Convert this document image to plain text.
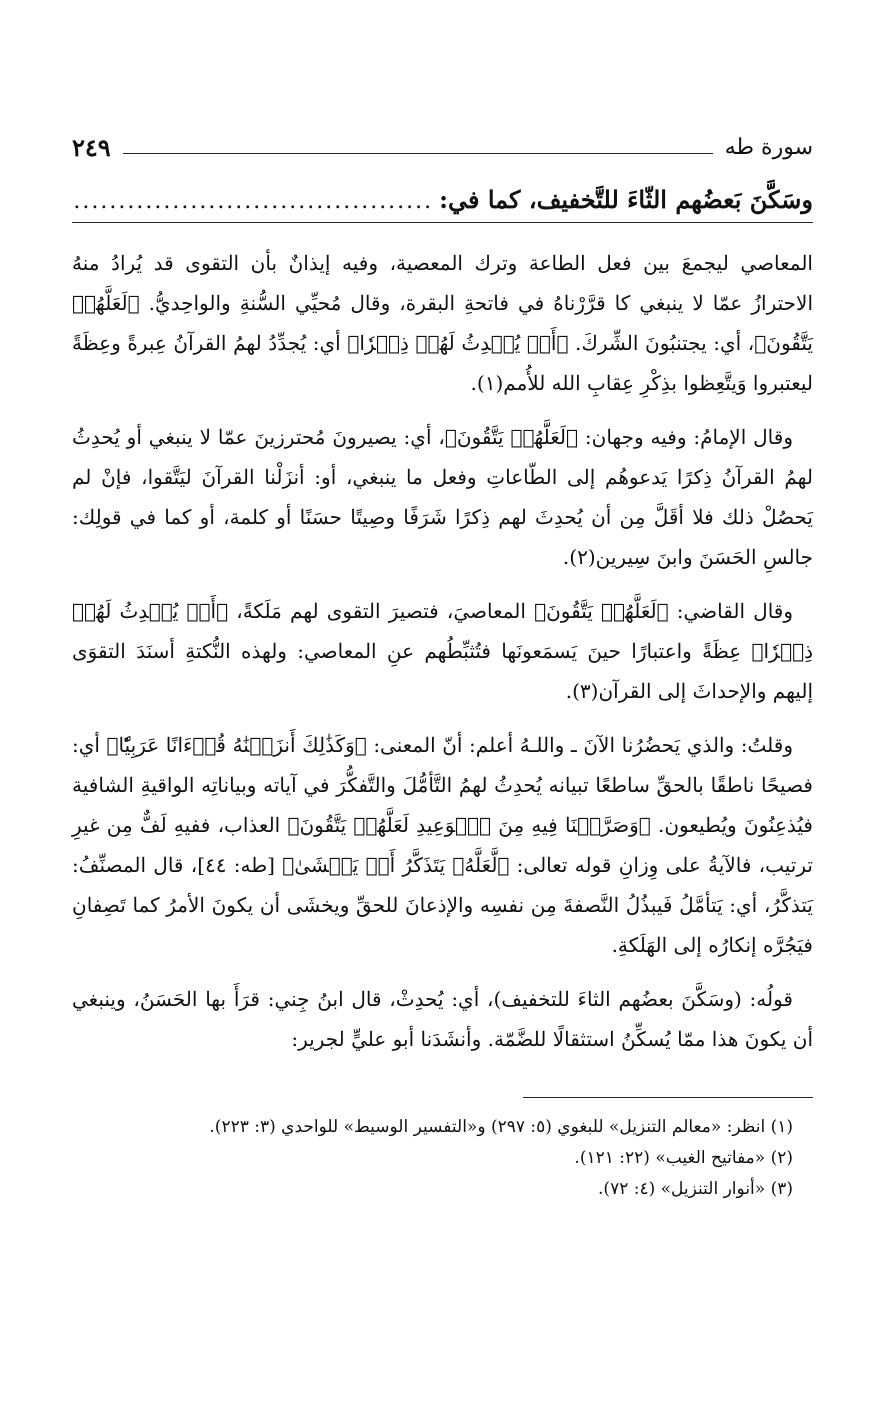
سورة طه
٢٤٩
وسَكَّنَ بَعضُهم الثّاءَ للتَّخفيف، كما في:
........................................

المعاصي ليجمعَ بين فعل الطاعة وترك المعصية، وفيه إيذانٌ بأن التقوى قد يُرادُ منهُ الاحترازُ عمّا لا ينبغي كا قرَّرْناهُ في فاتحةِ البقرة، وقال مُحيِّي السُّنةِ والواحِديُّ. ﴿لَعَلَّهُمۡ يَتَّقُونَ﴾، أي: يجتنبُونَ الشِّركَ. ﴿أَوۡ يُحۡدِثُ لَهُمۡ ذِكۡرٗا﴾ أي: يُجدِّدُ لهمُ القرآنُ عِبرةً وعِظَةً ليعتبروا وَيتَّعِظوا بذِكْرِ عِقابِ الله للأُمم(١).

وقال الإمامُ: وفيه وجهان: ﴿لَعَلَّهُمۡ يَتَّقُونَ﴾، أي: يصيرونَ مُحترزينَ عمّا لا ينبغي أو يُحدِثُ لهمُ القرآنُ ذِكرًا يَدعوهُم إلى الطّاعاتِ وفعل ما ينبغي، أو: أنزَلْنا القرآنَ ليَتَّقوا، فإنْ لم يَحصُلْ ذلك فلا أقَلَّ مِن أن يُحدِثَ لهم ذِكرًا شَرَفًا وصِيتًا حسَنًا أو كلمة، أو كما في قولِك: جالسِ الحَسَنَ وابنَ سِيرين(٢).

وقال القاضي: ﴿لَعَلَّهُمۡ يَتَّقُونَ﴾ المعاصيَ، فتصيرَ التقوى لهم مَلَكةً، ﴿أَوۡ يُحۡدِثُ لَهُمۡ ذِكۡرٗا﴾ عِظَةً واعتبارًا حينَ يَسمَعونَها فتُثبِّطُهم عنِ المعاصي: ولهذه النُّكتةِ أسنَدَ التقوَى إليهم والإحداثَ إلى القرآن(٣).

وقلتُ: والذي يَحضُرُنا الآنَ ـ واللـهُ أعلم: أنّ المعنى: ﴿وَكَذَٰلِكَ أَنزَلۡنَٰهُ قُرۡءَانًا عَرَبِيّٗا﴾ أي: فصيحًا ناطقًا بالحقِّ ساطعًا تبيانه يُحدِثُ لهمُ التَّأمُّلَ والتَّفكُّرَ في آياته وبياناتِه الواقيةِ الشافية فيُذعِنُونَ ويُطيعون. ﴿وَصَرَّفۡنَا فِيهِ مِنَ ٱلۡوَعِيدِ لَعَلَّهُمۡ يَتَّقُونَ﴾ العذاب، ففيهِ لَفٌّ مِن غيرِ ترتيب، فالآيةُ على وِزانِ قوله تعالى: ﴿لَّعَلَّهُۥ يَتَذَكَّرُ أَوۡ يَخۡشَىٰ﴾ [طه: ٤٤]، قال المصنِّفُ: يَتذكَّرُ، أي: يَتأمَّلُ فَيبذُلُ النَّصفةَ مِن نفسِه والإذعانَ للحقِّ ويخشَى أن يكونَ الأمرُ كما تَصِفانِ فيَجُرَّه إنكارُه إلى الهَلَكةِ.

قولُه: (وسَكَّنَ بعضُهم الثاءَ للتخفيف)، أي: يُحدِثْ، قال ابنُ جِني: قرَأَ بها الحَسَنُ، وينبغي أن يكونَ هذا ممّا يُسكِّنُ استثقالًا للضَّمّة. وأنشَدَنا أبو عليٍّ لجرير:

(١) انظر: «معالم التنزيل» للبغوي (٥: ٢٩٧) و«التفسير الوسيط» للواحدي (٣: ٢٢٣).

(٢) «مفاتيح الغيب» (٢٢: ١٢١).

(٣) «أنوار التنزيل» (٤: ٧٢).
